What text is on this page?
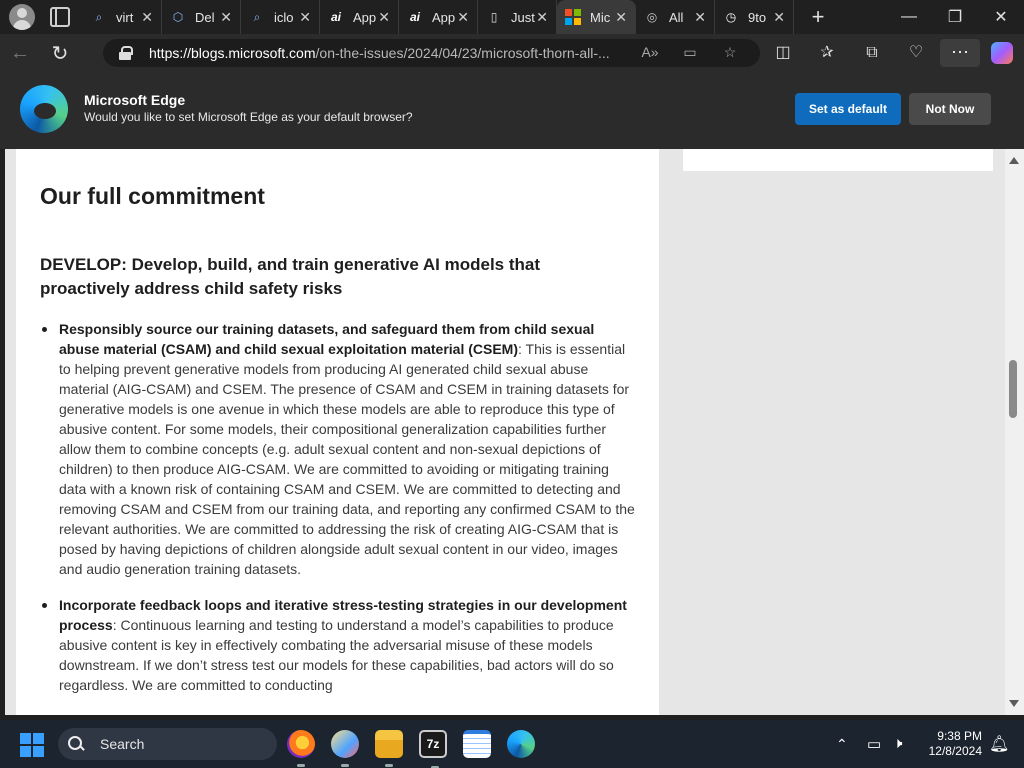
⌕	virt ✕ ⬡ Del ✕	⌕	iclo ✕ ai App ✕ ai App ✕	▯	Just ✕	Mic ✕ ◎ All ✕ ◷ 9to ✕	+	—	❐	✕
←	↻	https://blogs.microsoft.com/on-the-issues/2024/04/23/microsoft-thorn-all-...	A» ▭ ☆ ◫ ✰ ⧉ ♡	···
Microsoft Edge
Would you like to set Microsoft Edge as your default browser?
Set as default	Not Now
Our full commitment
DEVELOP: Develop, build, and train generative AI models that proactively address child safety risks
Responsibly source our training datasets, and safeguard them from child sexual abuse material (CSAM) and child sexual exploitation material (CSEM): This is essential to helping prevent generative models from producing AI generated child sexual abuse material (AIG-CSAM) and CSEM. The presence of CSAM and CSEM in training datasets for generative models is one avenue in which these models are able to reproduce this type of abusive content. For some models, their compositional generalization capabilities further allow them to combine concepts (e.g. adult sexual content and non-sexual depictions of children) to then produce AIG-CSAM. We are committed to avoiding or mitigating training data with a known risk of containing CSAM and CSEM. We are committed to detecting and removing CSAM and CSEM from our training data, and reporting any confirmed CSAM to the relevant authorities. We are committed to addressing the risk of creating AIG-CSAM that is posed by having depictions of children alongside adult sexual content in our video, images and audio generation training datasets.
Incorporate feedback loops and iterative stress-testing strategies in our development process: Continuous learning and testing to understand a model’s capabilities to produce abusive content is key in effectively combating the adversarial misuse of these models downstream. If we don’t stress test our models for these capabilities, bad actors will do so regardless. We are committed to conducting
Search	7z	⌃ ▭ 🕨	9:38 PM
12/8/2024 🔔︎
